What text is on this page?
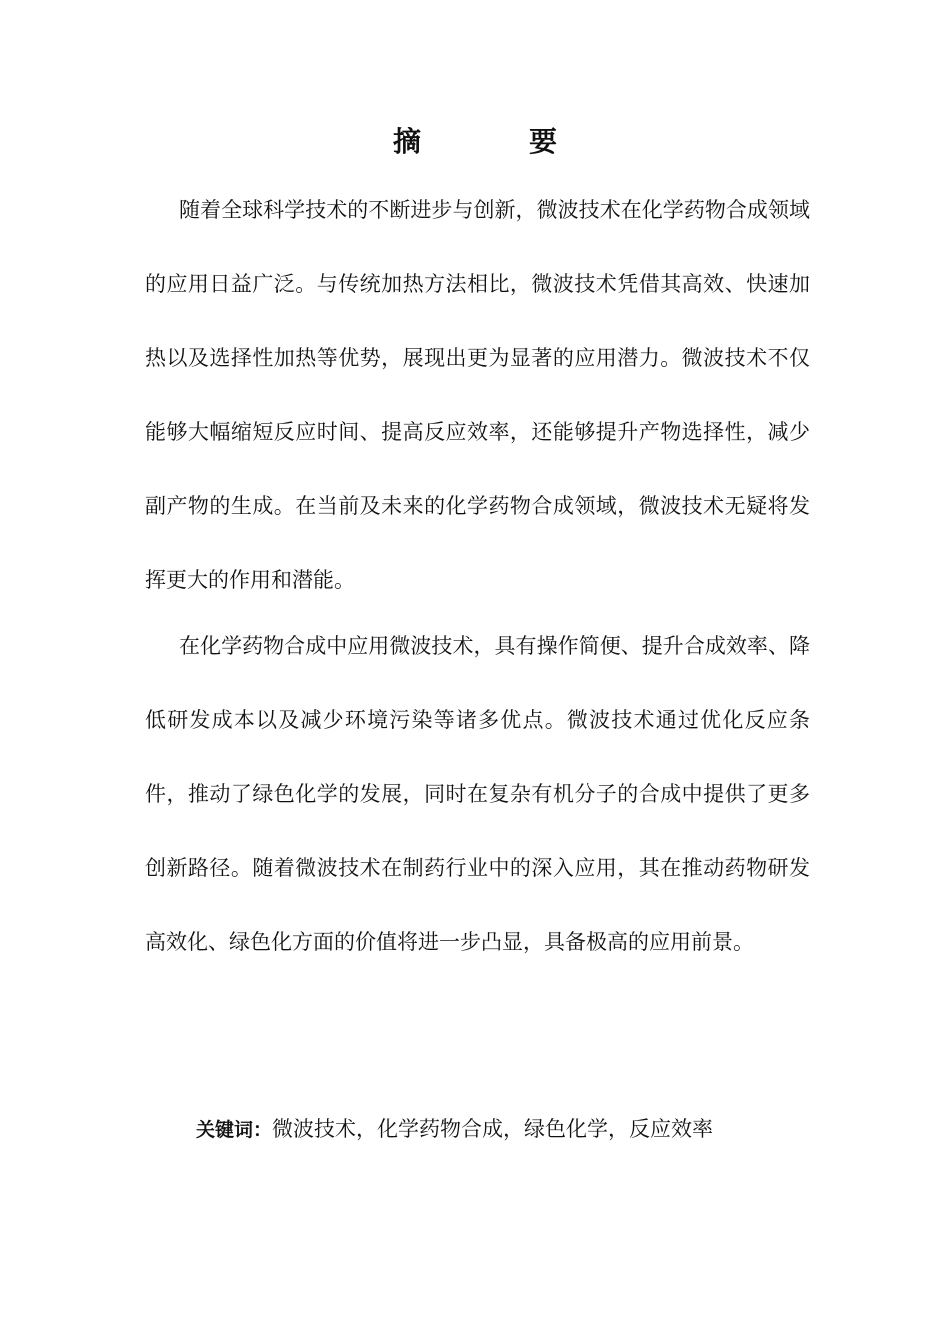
摘　要

随着全球科学技术的不断进步与创新，微波技术在化学药物合成领域的应用日益广泛。与传统加热方法相比，微波技术凭借其高效、快速加热以及选择性加热等优势，展现出更为显著的应用潜力。微波技术不仅能够大幅缩短反应时间、提高反应效率，还能够提升产物选择性，减少副产物的生成。在当前及未来的化学药物合成领域，微波技术无疑将发挥更大的作用和潜能。

在化学药物合成中应用微波技术，具有操作简便、提升合成效率、降低研发成本以及减少环境污染等诸多优点。微波技术通过优化反应条件，推动了绿色化学的发展，同时在复杂有机分子的合成中提供了更多创新路径。随着微波技术在制药行业中的深入应用，其在推动药物研发高效化、绿色化方面的价值将进一步凸显，具备极高的应用前景。

关键词：微波技术，化学药物合成，绿色化学，反应效率
